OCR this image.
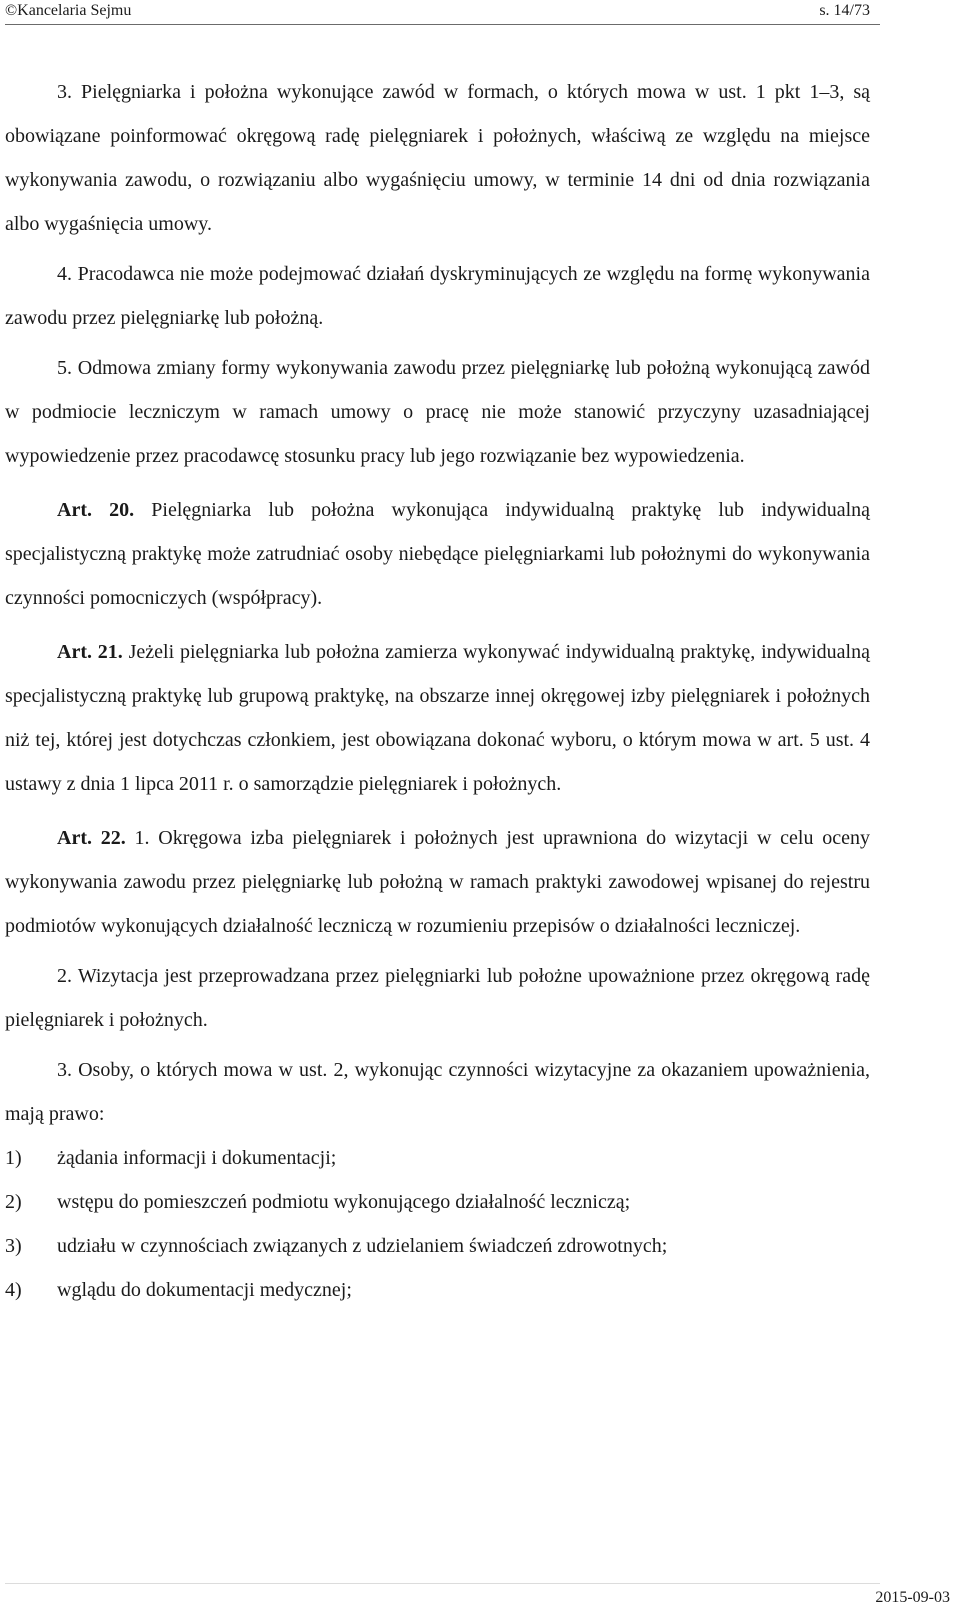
©Kancelaria Sejmu	s. 14/73

3. Pielęgniarka i położna wykonujące zawód w formach, o których mowa w ust. 1 pkt 1–3, są obowiązane poinformować okręgową radę pielęgniarek i położnych, właściwą ze względu na miejsce wykonywania zawodu, o rozwiązaniu albo wygaśnięciu umowy, w terminie 14 dni od dnia rozwiązania albo wygaśnięcia umowy.

4. Pracodawca nie może podejmować działań dyskryminujących ze względu na formę wykonywania zawodu przez pielęgniarkę lub położną.

5. Odmowa zmiany formy wykonywania zawodu przez pielęgniarkę lub położną wykonującą zawód w podmiocie leczniczym w ramach umowy o pracę nie może stanowić przyczyny uzasadniającej wypowiedzenie przez pracodawcę stosunku pracy lub jego rozwiązanie bez wypowiedzenia.

Art. 20. Pielęgniarka lub położna wykonująca indywidualną praktykę lub indywidualną specjalistyczną praktykę może zatrudniać osoby niebędące pielęgniarkami lub położnymi do wykonywania czynności pomocniczych (współpracy).

Art. 21. Jeżeli pielęgniarka lub położna zamierza wykonywać indywidualną praktykę, indywidualną specjalistyczną praktykę lub grupową praktykę, na obszarze innej okręgowej izby pielęgniarek i położnych niż tej, której jest dotychczas członkiem, jest obowiązana dokonać wyboru, o którym mowa w art. 5 ust. 4 ustawy z dnia 1 lipca 2011 r. o samorządzie pielęgniarek i położnych.

Art. 22. 1. Okręgowa izba pielęgniarek i położnych jest uprawniona do wizytacji w celu oceny wykonywania zawodu przez pielęgniarkę lub położną w ramach praktyki zawodowej wpisanej do rejestru podmiotów wykonujących działalność leczniczą w rozumieniu przepisów o działalności leczniczej.

2. Wizytacja jest przeprowadzana przez pielęgniarki lub położne upoważnione przez okręgową radę pielęgniarek i położnych.

3. Osoby, o których mowa w ust. 2, wykonując czynności wizytacyjne za okazaniem upoważnienia, mają prawo:

1) żądania informacji i dokumentacji;
2) wstępu do pomieszczeń podmiotu wykonującego działalność leczniczą;
3) udziału w czynnościach związanych z udzielaniem świadczeń zdrowotnych;
4) wglądu do dokumentacji medycznej;
2015-09-03
